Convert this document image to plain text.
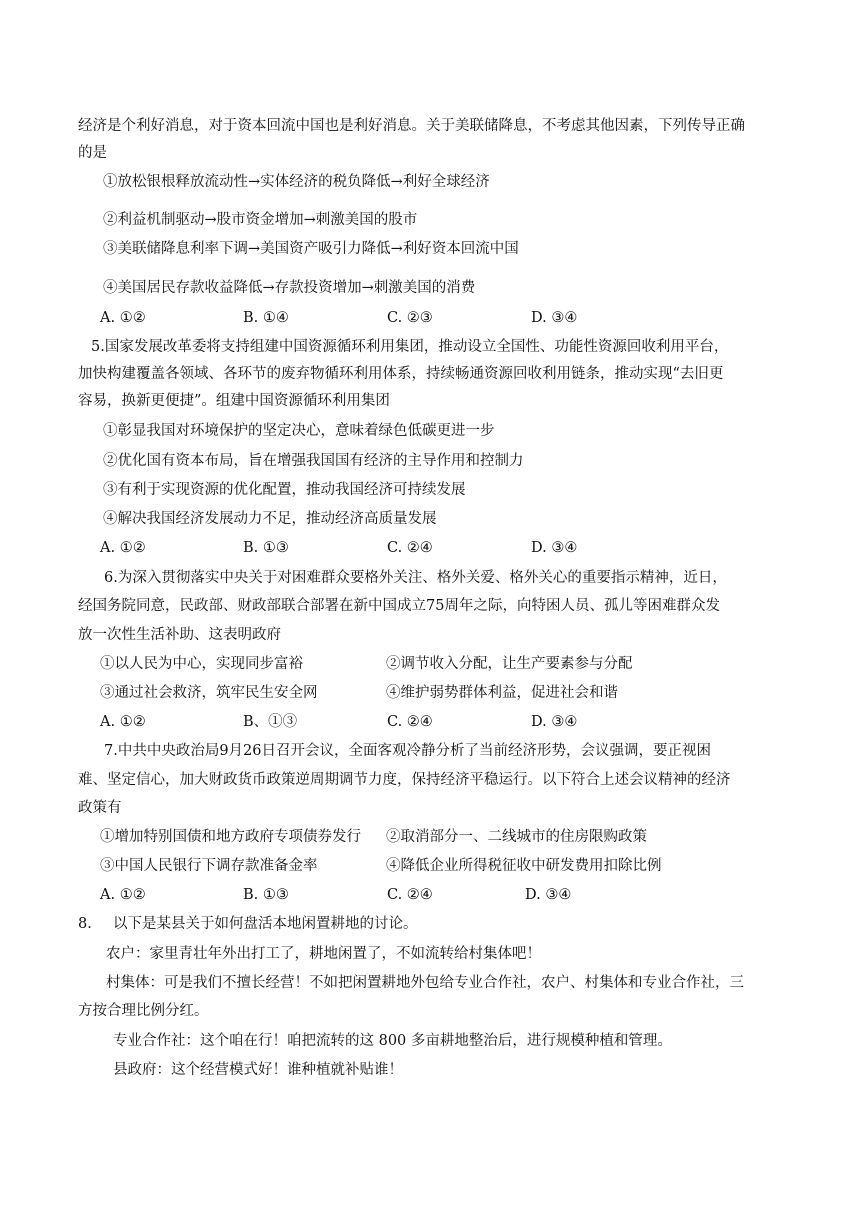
经济是个利好消息，对于资本回流中国也是利好消息。关于美联储降息，不考虑其他因素，下列传导正确
的是
①放松银根释放流动性→实体经济的税负降低→利好全球经济
②利益机制驱动→股市资金增加→刺激美国的股市
③美联储降息利率下调→美国资产吸引力降低→利好资本回流中国
④美国居民存款收益降低→存款投资增加→刺激美国的消费
A. ①②	B. ①④	C. ②③	D. ③④
5.国家发展改革委将支持组建中国资源循环利用集团，推动设立全国性、功能性资源回收利用平台，
加快构建覆盖各领域、各环节的废弃物循环利用体系，持续畅通资源回收利用链条，推动实现“去旧更
容易，换新更便捷”。组建中国资源循环利用集团
①彰显我国对环境保护的坚定决心，意味着绿色低碳更进一步
②优化国有资本布局，旨在增强我国国有经济的主导作用和控制力
③有利于实现资源的优化配置，推动我国经济可持续发展
④解决我国经济发展动力不足，推动经济高质量发展
A. ①②	B. ①③	C. ②④	D. ③④
6.为深入贯彻落实中央关于对困难群众要格外关注、格外关爱、格外关心的重要指示精神，近日，
经国务院同意，民政部、财政部联合部署在新中国成立75周年之际，向特困人员、孤儿等困难群众发
放一次性生活补助、这表明政府
①以人民为中心，实现同步富裕	②调节收入分配，让生产要素参与分配
③通过社会救济，筑牢民生安全网	④维护弱势群体利益，促进社会和谐
A. ①②	B、①③	C. ②④	D. ③④
7.中共中央政治局9月26日召开会议，全面客观冷静分析了当前经济形势，会议强调，要正视困
难、坚定信心，加大财政货币政策逆周期调节力度，保持经济平稳运行。以下符合上述会议精神的经济
政策有
①增加特别国债和地方政府专项债券发行 ②取消部分一、二线城市的住房限购政策
③中国人民银行下调存款准备金率	④降低企业所得税征收中研发费用扣除比例
A. ①②	B. ①③	C. ②④	D. ③④
8. 以下是某县关于如何盘活本地闲置耕地的讨论。
农户：家里青壮年外出打工了，耕地闲置了，不如流转给村集体吧！
村集体：可是我们不擅长经营！不如把闲置耕地外包给专业合作社，农户、村集体和专业合作社，三
方按合理比例分红。
专业合作社：这个咱在行！咱把流转的这 800 多亩耕地整治后，进行规模种植和管理。
县政府：这个经营模式好！谁种植就补贴谁！
